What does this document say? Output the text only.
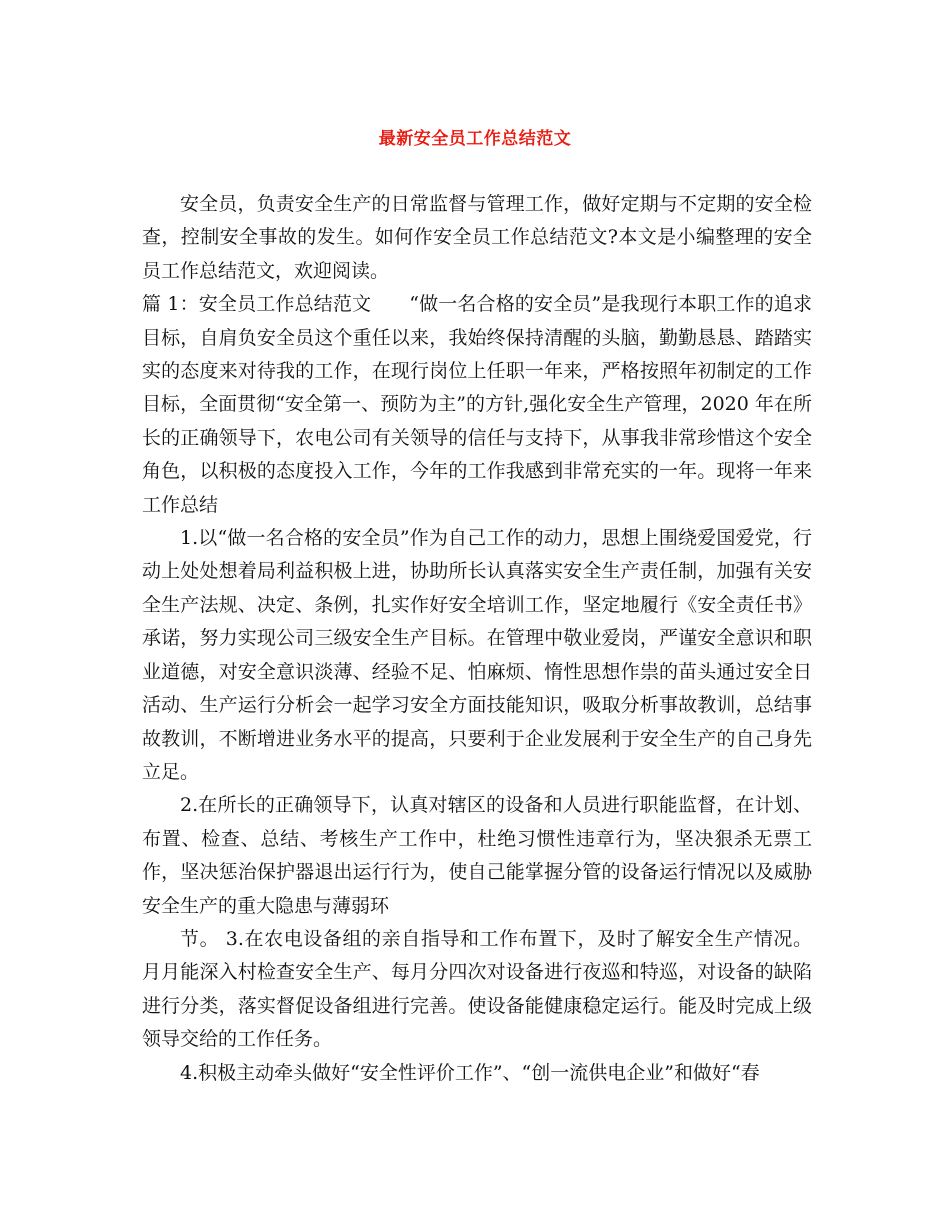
最新安全员工作总结范文

安全员，负责安全生产的日常监督与管理工作，做好定期与不定期的安全检查，控制安全事故的发生。如何作安全员工作总结范文?本文是小编整理的安全员工作总结范文，欢迎阅读。

篇 1：安全员工作总结范文 “做一名合格的安全员”是我现行本职工作的追求目标，自肩负安全员这个重任以来，我始终保持清醒的头脑，勤勤恳恳、踏踏实实的态度来对待我的工作，在现行岗位上任职一年来，严格按照年初制定的工作目标，全面贯彻“安全第一、预防为主”的方针,强化安全生产管理，2020 年在所长的正确领导下，农电公司有关领导的信任与支持下，从事我非常珍惜这个安全角色，以积极的态度投入工作，今年的工作我感到非常充实的一年。现将一年来工作总结

1.以“做一名合格的安全员”作为自己工作的动力，思想上围绕爱国爱党，行动上处处想着局利益积极上进，协助所长认真落实安全生产责任制，加强有关安全生产法规、决定、条例，扎实作好安全培训工作，坚定地履行《安全责任书》承诺，努力实现公司三级安全生产目标。在管理中敬业爱岗，严谨安全意识和职业道德，对安全意识淡薄、经验不足、怕麻烦、惰性思想作祟的苗头通过安全日活动、生产运行分析会一起学习安全方面技能知识，吸取分析事故教训，总结事故教训，不断增进业务水平的提高，只要利于企业发展利于安全生产的自己身先立足。

2.在所长的正确领导下，认真对辖区的设备和人员进行职能监督，在计划、布置、检查、总结、考核生产工作中，杜绝习惯性违章行为，坚决狠杀无票工作，坚决惩治保护器退出运行行为，使自己能掌握分管的设备运行情况以及威胁安全生产的重大隐患与薄弱环

节。 3.在农电设备组的亲自指导和工作布置下，及时了解安全生产情况。月月能深入村检查安全生产、每月分四次对设备进行夜巡和特巡，对设备的缺陷进行分类，落实督促设备组进行完善。使设备能健康稳定运行。能及时完成上级领导交给的工作任务。

4.积极主动牵头做好“安全性评价工作”、“创一流供电企业”和做好“春
